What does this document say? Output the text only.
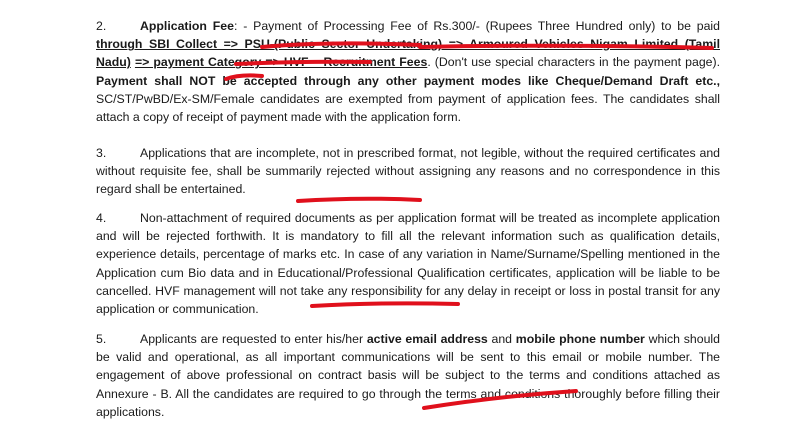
2.	Application Fee: - Payment of Processing Fee of Rs.300/- (Rupees Three Hundred only) to be paid through SBI Collect => PSU-(Public Sector Undertaking) => Armoured Vehicles Nigam Limited (Tamil Nadu) => payment Category => HVF – Recruitment Fees. (Don't use special characters in the payment page). Payment shall NOT be accepted through any other payment modes like Cheque/Demand Draft etc., SC/ST/PwBD/Ex-SM/Female candidates are exempted from payment of application fees. The candidates shall attach a copy of receipt of payment made with the application form.

3.	Applications that are incomplete, not in prescribed format, not legible, without the required certificates and without requisite fee, shall be summarily rejected without assigning any reasons and no correspondence in this regard shall be entertained.

4.	Non-attachment of required documents as per application format will be treated as incomplete application and will be rejected forthwith. It is mandatory to fill all the relevant information such as qualification details, experience details, percentage of marks etc. In case of any variation in Name/Surname/Spelling mentioned in the Application cum Bio data and in Educational/Professional Qualification certificates, application will be liable to be cancelled. HVF management will not take any responsibility for any delay in receipt or loss in postal transit for any application or communication.

5.	Applicants are requested to enter his/her active email address and mobile phone number which should be valid and operational, as all important communications will be sent to this email or mobile number. The engagement of above professional on contract basis will be subject to the terms and conditions attached as Annexure - B. All the candidates are required to go through the terms and conditions thoroughly before filling their applications.
